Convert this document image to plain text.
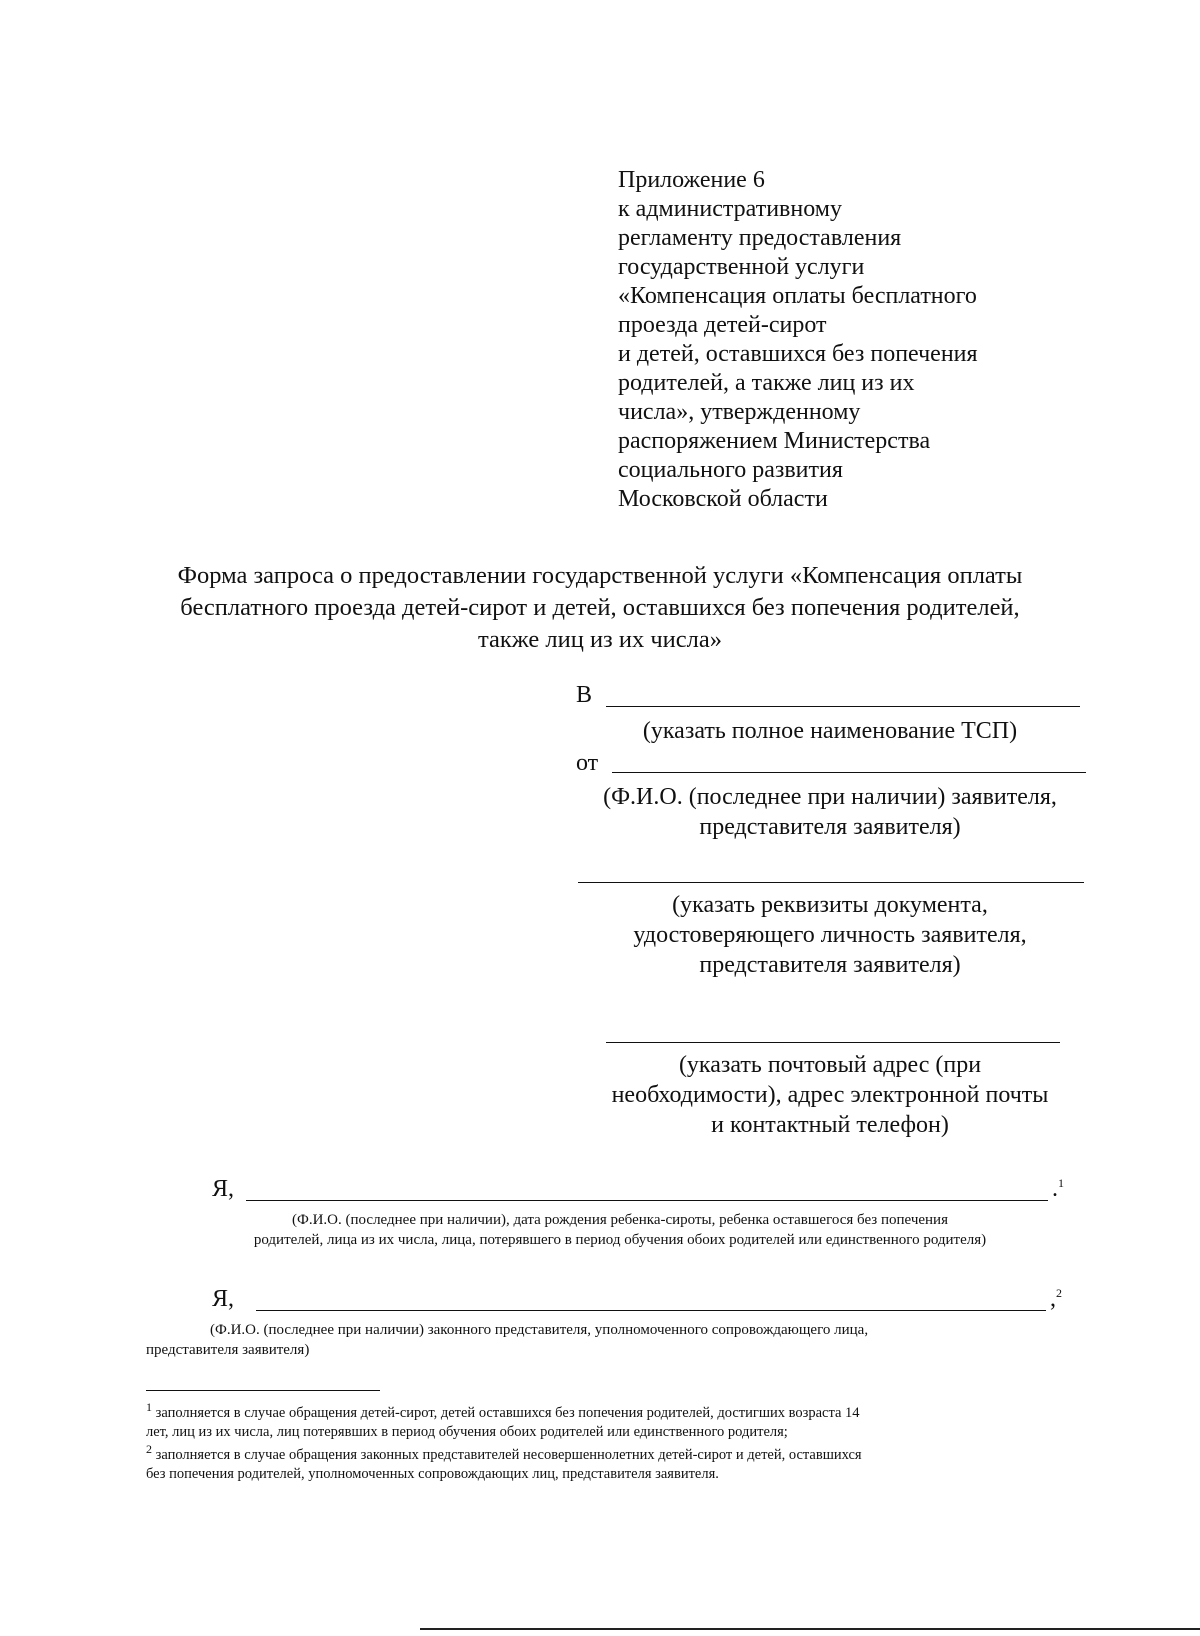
Приложение 6
к административному
регламенту предоставления
государственной услуги
«Компенсация оплаты бесплатного
проезда детей-сирот
и детей, оставшихся без попечения
родителей, а также лиц из их
числа», утвержденному
распоряжением Министерства
социального развития
Московской области
Форма запроса о предоставлении государственной услуги «Компенсация оплаты
бесплатного проезда детей-сирот и детей, оставшихся без попечения родителей,
также лиц из их числа»
В
(указать полное наименование ТСП)
от
(Ф.И.О. (последнее при наличии) заявителя,
представителя заявителя)
(указать реквизиты документа,
удостоверяющего личность заявителя,
представителя заявителя)
(указать почтовый адрес (при
необходимости), адрес электронной почты
и контактный телефон)
Я,	.$^1$
(Ф.И.О. (последнее при наличии), дата рождения ребенка-сироты, ребенка оставшегося без попечения
родителей, лица из их числа, лица, потерявшего в период обучения обоих родителей или единственного родителя)
Я,	,$^2$
(Ф.И.О. (последнее при наличии) законного представителя, уполномоченного сопровождающего лица,
представителя заявителя)
$^1$ заполняется в случае обращения детей-сирот, детей оставшихся без попечения родителей, достигших возраста 14
лет, лиц из их числа, лиц потерявших в период обучения обоих родителей или единственного родителя;
$^2$ заполняется в случае обращения законных представителей несовершеннолетних детей-сирот и детей, оставшихся
без попечения родителей, уполномоченных сопровождающих лиц, представителя заявителя.
